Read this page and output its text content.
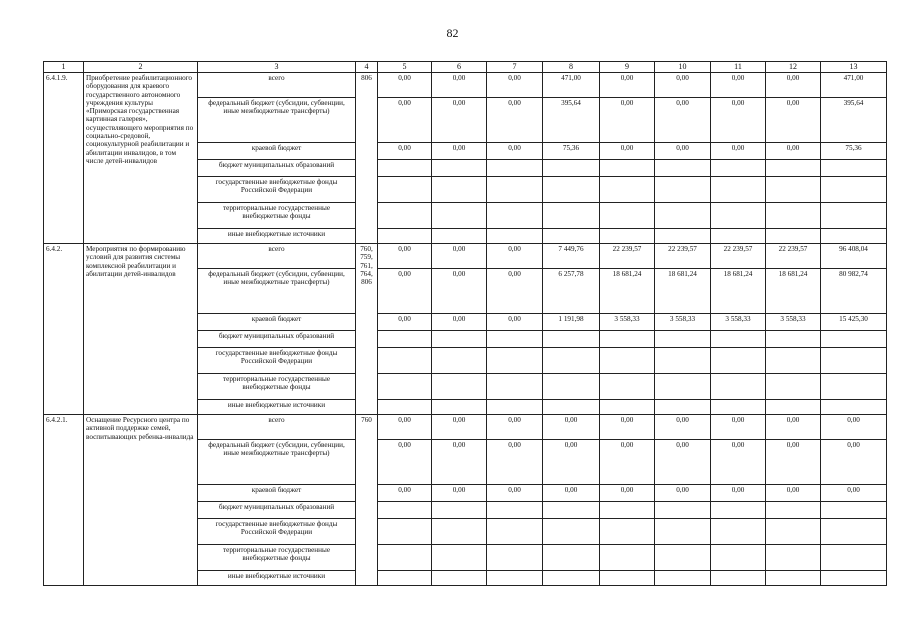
82
1	2	3	4	5	6	7	8	9	10	11	12	13
6.4.1.9.	Приобретение реабилитационного оборудования для краевого государственного автономного учреждения культуры «Приморская государственная картинная галерея», осуществляющего мероприятия по социально-средовой, социокультурной реабилитации и абилитации инвалидов, в том числе детей-инвалидов	всего	806	0,00	0,00	0,00	471,00	0,00	0,00	0,00	0,00	471,00
		федеральный бюджет (субсидии, субвенции, иные межбюджетные трансферты)		0,00	0,00	0,00	395,64	0,00	0,00	0,00	0,00	395,64
		краевой бюджет		0,00	0,00	0,00	75,36	0,00	0,00	0,00	0,00	75,36
		бюджет муниципальных образований										
		государственные внебюджетные фонды Российской Федерации										
		территориальные государственные внебюджетные фонды										
		иные внебюджетные источники										
6.4.2.	Мероприятия по формированию условий для развития системы комплексной реабилитации и абилитации детей-инвалидов	всего	760, 759, 761, 764, 806	0,00	0,00	0,00	7 449,76	22 239,57	22 239,57	22 239,57	22 239,57	96 408,04
		федеральный бюджет (субсидии, субвенции, иные межбюджетные трансферты)		0,00	0,00	0,00	6 257,78	18 681,24	18 681,24	18 681,24	18 681,24	80 982,74
		краевой бюджет		0,00	0,00	0,00	1 191,98	3 558,33	3 558,33	3 558,33	3 558,33	15 425,30
		бюджет муниципальных образований										
		государственные внебюджетные фонды Российской Федерации										
		территориальные государственные внебюджетные фонды										
		иные внебюджетные источники										
6.4.2.1.	Оснащение Ресурсного центра по активной поддержке семей, воспитывающих ребенка-инвалида	всего	760	0,00	0,00	0,00	0,00	0,00	0,00	0,00	0,00	0,00
		федеральный бюджет (субсидии, субвенции, иные межбюджетные трансферты)		0,00	0,00	0,00	0,00	0,00	0,00	0,00	0,00	0,00
		краевой бюджет		0,00	0,00	0,00	0,00	0,00	0,00	0,00	0,00	0,00
		бюджет муниципальных образований										
		государственные внебюджетные фонды Российской Федерации										
		территориальные государственные внебюджетные фонды										
		иные внебюджетные источники										
